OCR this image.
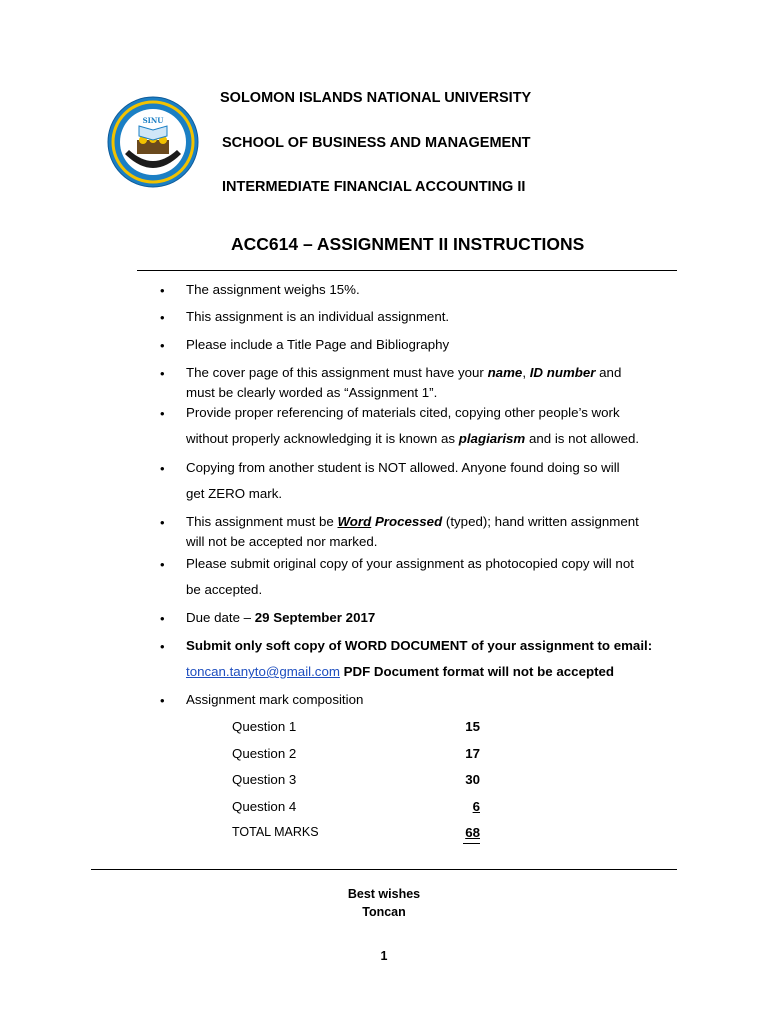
SINU
SOLOMON ISLANDS NATIONAL UNIVERSITY
SCHOOL OF BUSINESS AND MANAGEMENT
INTERMEDIATE FINANCIAL ACCOUNTING II
ACC614 – ASSIGNMENT II INSTRUCTIONS
• The assignment weighs 15%.
• This assignment is an individual assignment.
• Please include a Title Page and Bibliography
• The cover page of this assignment must have your name, ID number and
must be clearly worded as “Assignment 1”.
• Provide proper referencing of materials cited, copying other people’s work
without properly acknowledging it is known as plagiarism and is not allowed.
• Copying from another student is NOT allowed. Anyone found doing so will
get ZERO mark.
• This assignment must be Word Processed (typed); hand written assignment
will not be accepted nor marked.
• Please submit original copy of your assignment as photocopied copy will not
be accepted.
• Due date – 29 September 2017
• Submit only soft copy of WORD DOCUMENT of your assignment to email:
toncan.tanyto@gmail.com PDF Document format will not be accepted
• Assignment mark composition
Question 1	15
Question 2	17
Question 3	30
Question 4	6
TOTAL MARKS	68
Best wishes
Toncan
1
